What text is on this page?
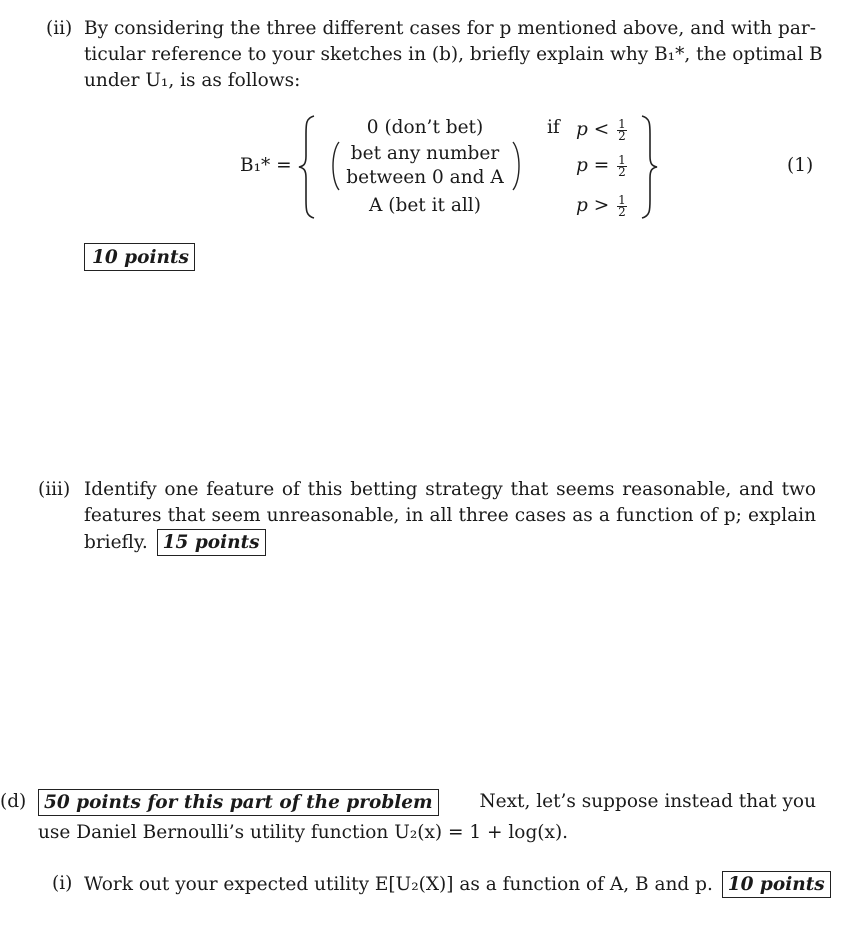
(ii) By considering the three different cases for p mentioned above, and with par-
ticular reference to your sketches in (b), briefly explain why B₁*, the optimal B
under U₁, is as follows:
B₁* =
0 (don’t bet)
bet any number
between 0 and A
A (bet it all)
if $p < \frac{1}{2}$
$p = \frac{1}{2}$
$p > \frac{1}{2}$
(1)
10 points
(iii) Identify one feature of this betting strategy that seems reasonable, and two
features that seem unreasonable, in all three cases as a function of p; explain
briefly. 15 points
(d) 50 points for this part of the problem	Next, let’s suppose instead that you
use Daniel Bernoulli’s utility function U₂(x) = 1 + log(x).
(i) Work out your expected utility E[U₂(X)] as a function of A, B and p. 10 points
